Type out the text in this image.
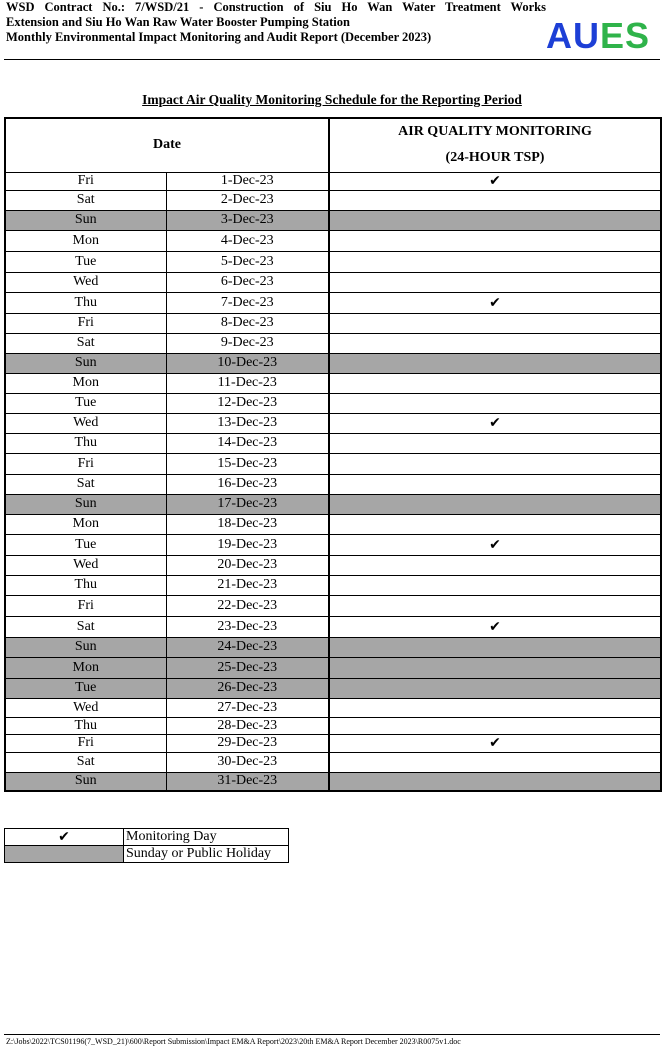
WSD Contract No.: 7/WSD/21 - Construction of Siu Ho Wan Water Treatment Works
Extension and Siu Ho Wan Raw Water Booster Pumping Station
Monthly Environmental Impact Monitoring and Audit Report (December 2023)	AUES
Impact Air Quality Monitoring Schedule for the Reporting Period
Date		AIR QUALITY MONITORING
(24-HOUR TSP)

Fri	1-Dec-23	✔
Sat	2-Dec-23	
Sun	3-Dec-23	
Mon	4-Dec-23	
Tue	5-Dec-23	
Wed	6-Dec-23	
Thu	7-Dec-23	✔
Fri	8-Dec-23	
Sat	9-Dec-23	
Sun	10-Dec-23	
Mon	11-Dec-23	
Tue	12-Dec-23	
Wed	13-Dec-23	✔
Thu	14-Dec-23	
Fri	15-Dec-23	
Sat	16-Dec-23	
Sun	17-Dec-23	
Mon	18-Dec-23	
Tue	19-Dec-23	✔
Wed	20-Dec-23	
Thu	21-Dec-23	
Fri	22-Dec-23	
Sat	23-Dec-23	✔
Sun	24-Dec-23	
Mon	25-Dec-23	
Tue	26-Dec-23	
Wed	27-Dec-23	
Thu	28-Dec-23	
Fri	29-Dec-23	✔
Sat	30-Dec-23	
Sun	31-Dec-23	
✔	Monitoring Day
	Sunday or Public Holiday
Z:\Jobs\2022\TCS01196(7_WSD_21)\600\Report Submission\Impact EM&A Report\2023\20th EM&A Report December 2023\R0075v1.doc
